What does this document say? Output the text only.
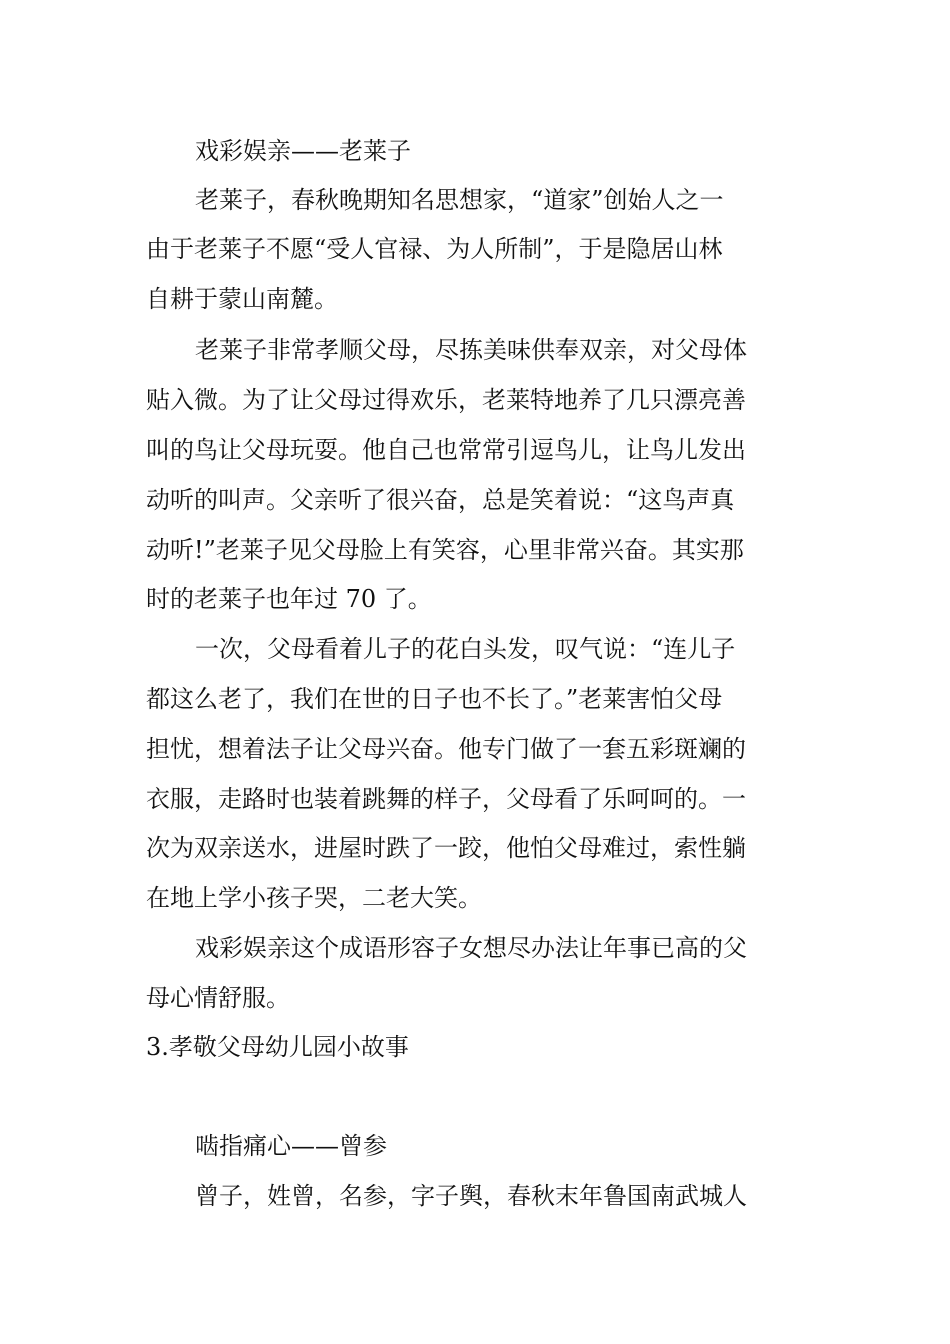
戏彩娱亲——老莱子
老莱子，春秋晚期知名思想家，“道家”创始人之一
由于老莱子不愿“受人官禄、为人所制”，于是隐居山林
自耕于蒙山南麓。
老莱子非常孝顺父母，尽拣美味供奉双亲，对父母体
贴入微。为了让父母过得欢乐，老莱特地养了几只漂亮善
叫的鸟让父母玩耍。他自己也常常引逗鸟儿，让鸟儿发出
动听的叫声。父亲听了很兴奋，总是笑着说：“这鸟声真
动听!”老莱子见父母脸上有笑容，心里非常兴奋。其实那
时的老莱子也年过 70 了。
一次，父母看着儿子的花白头发，叹气说：“连儿子
都这么老了，我们在世的日子也不长了。”老莱害怕父母
担忧，想着法子让父母兴奋。他专门做了一套五彩斑斓的
衣服，走路时也装着跳舞的样子，父母看了乐呵呵的。一
次为双亲送水，进屋时跌了一跤，他怕父母难过，索性躺
在地上学小孩子哭，二老大笑。
戏彩娱亲这个成语形容子女想尽办法让年事已高的父
母心情舒服。
3.孝敬父母幼儿园小故事
啮指痛心——曾参
曾子，姓曾，名参，字子舆，春秋末年鲁国南武城人
